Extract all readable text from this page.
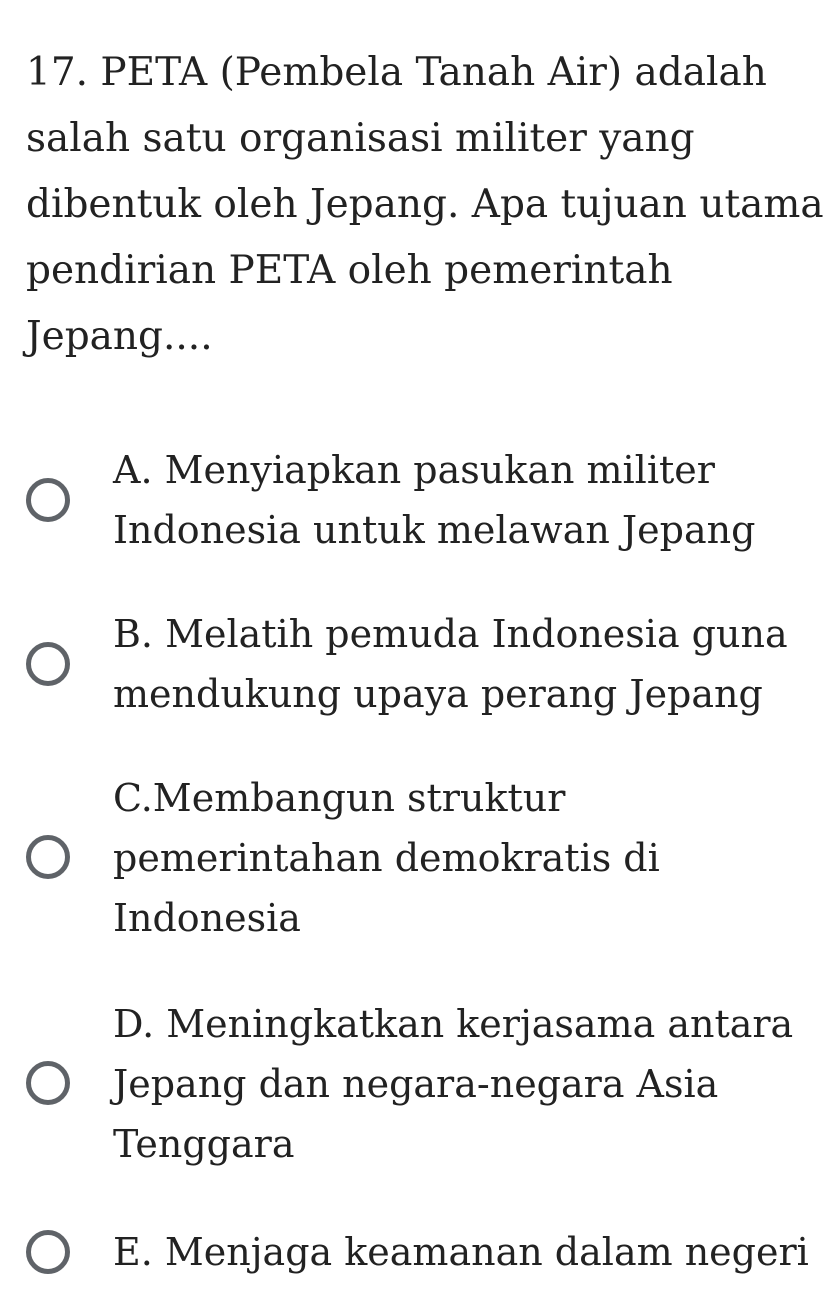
17. PETA (Pembela Tanah Air) adalah salah satu organisasi militer yang dibentuk oleh Jepang. Apa tujuan utama pendirian PETA oleh pemerintah Jepang....
A. Menyiapkan pasukan militer Indonesia untuk melawan Jepang
B. Melatih pemuda Indonesia guna mendukung upaya perang Jepang
C.Membangun struktur pemerintahan demokratis di Indonesia
D. Meningkatkan kerjasama antara Jepang dan negara-negara Asia Tenggara
E. Menjaga keamanan dalam negeri
